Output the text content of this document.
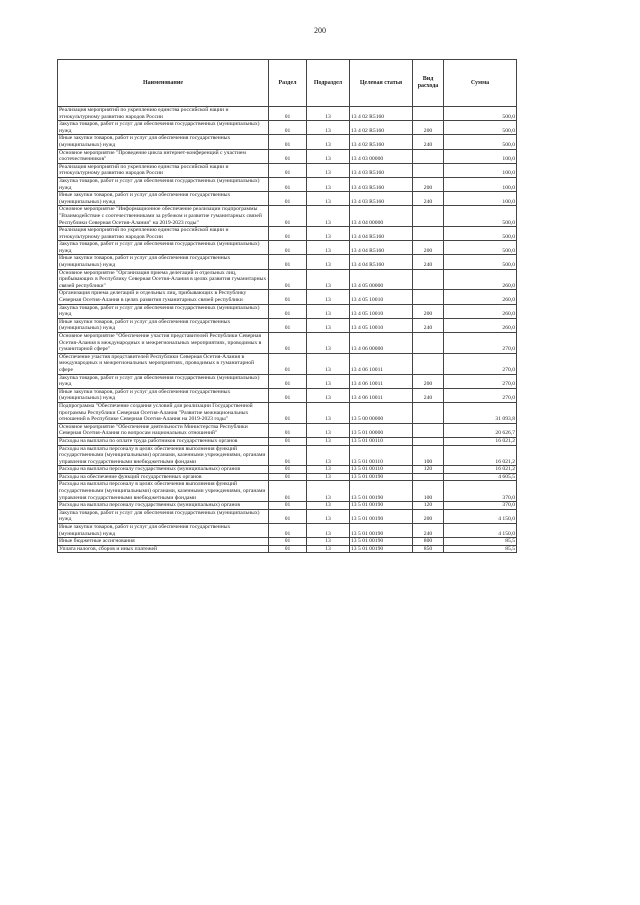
200
Наименование	Раздел	Подраздел	Целевая статья	Вид расхода	Сумма
Реализация мероприятий по укреплению единства российской нации и этнокультурному развитию народов России	01	13	13 4 02 R5160		500,0
Закупка товаров, работ и услуг для обеспечения государственных (муниципальных) нужд	01	13	13 4 02 R5160	200	500,0
Иные закупки товаров, работ и услуг для обеспечения государственных (муниципальных) нужд	01	13	13 4 02 R5160	240	500,0
Основное мероприятие "Проведение цикла интернет-конференций с участием соотечественников"	01	13	13 4 03 00000		100,0
Реализация мероприятий по укреплению единства российской нации и этнокультурному развитию народов России	01	13	13 4 03 R5160		100,0
Закупка товаров, работ и услуг для обеспечения государственных (муниципальных) нужд	01	13	13 4 03 R5160	200	100,0
Иные закупки товаров, работ и услуг для обеспечения государственных (муниципальных) нужд	01	13	13 4 03 R5160	240	100,0
Основное мероприятие "Информационное обеспечение реализации подпрограммы "Взаимодействие с соотечественниками за рубежом и развитие гуманитарных связей Республики Северная Осетия-Алания" на 2019-2023 годы"	01	13	13 4 04 00000		500,0
Реализация мероприятий по укреплению единства российской нации и этнокультурному развитию народов России	01	13	13 4 04 R5160		500,0
Закупка товаров, работ и услуг для обеспечения государственных (муниципальных) нужд	01	13	13 4 04 R5160	200	500,0
Иные закупки товаров, работ и услуг для обеспечения государственных (муниципальных) нужд	01	13	13 4 04 R5160	240	500,0
Основное мероприятие "Организация приема делегаций и отдельных лиц, прибывающих в Республику Северная Осетия-Алания в целях развития гуманитарных связей республики"	01	13	13 4 05 00000		260,0
Организация приема делегаций и отдельных лиц, прибывающих в Республику Северная Осетия-Алания в целях развития гуманитарных связей республики	01	13	13 4 05 10010		260,0
Закупка товаров, работ и услуг для обеспечения государственных (муниципальных) нужд	01	13	13 4 05 10010	200	260,0
Иные закупки товаров, работ и услуг для обеспечения государственных (муниципальных) нужд	01	13	13 4 05 10010	240	260,0
Основное мероприятие "Обеспечение участия представителей Республики Северная Осетия-Алания в международных и межрегиональных мероприятиях, проводимых в гуманитарной сфере"	01	13	13 4 06 00000		270,0
Обеспечение участия представителей Республики Северная Осетия-Алания в международных и межрегиональных мероприятиях, проводимых в гуманитарной сфере	01	13	13 4 06 10011		270,0
Закупка товаров, работ и услуг для обеспечения государственных (муниципальных) нужд	01	13	13 4 06 10011	200	270,0
Иные закупки товаров, работ и услуг для обеспечения государственных (муниципальных) нужд	01	13	13 4 06 10011	240	270,0
Подпрограмма "Обеспечение создания условий для реализации Государственной программы Республики Северная Осетия-Алания "Развитие межнациональных отношений в Республике Северная Осетия-Алания на 2019-2023 годы"	01	13	13 5 00 00000		31 093,8
Основное мероприятие "Обеспечение деятельности Министерства Республики Северная Осетия-Алания по вопросам национальных отношений"	01	13	13 5 01 00000		20 626,7
Расходы на выплаты по оплате труда работников государственных органов	01	13	13 5 01 00110		16 021,2
Расходы на выплаты персоналу в целях обеспечения выполнения функций государственными (муниципальными) органами, казенными учреждениями, органами управления государственными внебюджетными фондами	01	13	13 5 01 00110	100	16 021,2
Расходы на выплаты персоналу государственных (муниципальных) органов	01	13	13 5 01 00110	120	16 021,2
Расходы на обеспечение функций государственных органов	01	13	13 5 01 00190		4 605,5
Расходы на выплаты персоналу в целях обеспечения выполнения функций государственными (муниципальными) органами, казенными учреждениями, органами управления государственными внебюджетными фондами	01	13	13 5 01 00190	100	370,0
Расходы на выплаты персоналу государственных (муниципальных) органов	01	13	13 5 01 00190	120	370,0
Закупка товаров, работ и услуг для обеспечения государственных (муниципальных) нужд	01	13	13 5 01 00190	200	4 150,0
Иные закупки товаров, работ и услуг для обеспечения государственных (муниципальных) нужд	01	13	13 5 01 00190	240	4 150,0
Иные бюджетные ассигнования	01	13	13 5 01 00190	800	85,5
Уплата налогов, сборов и иных платежей	01	13	13 5 01 00190	850	85,5
